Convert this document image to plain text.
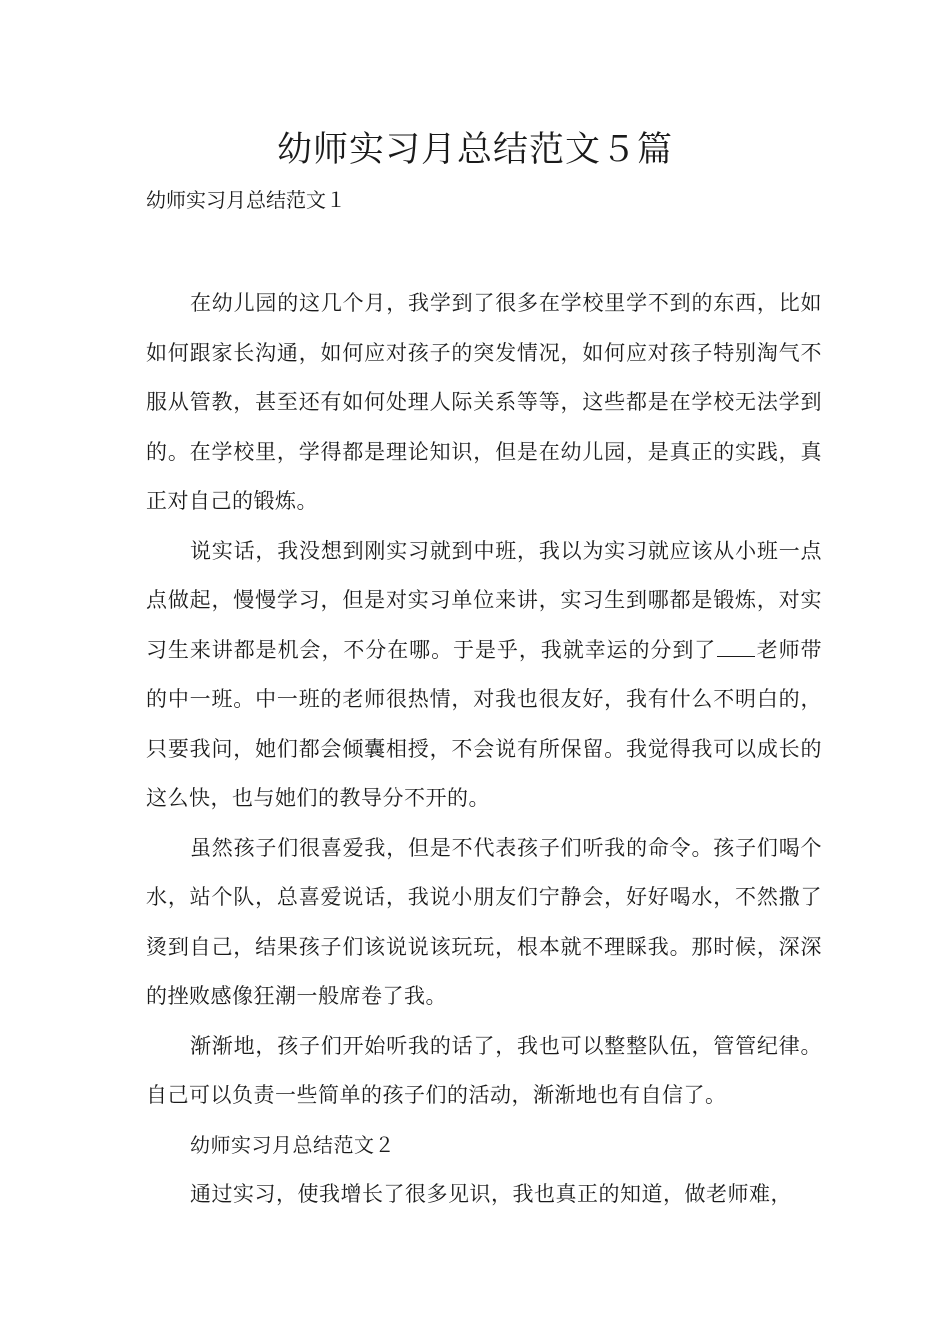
幼师实习月总结范文５篇

幼师实习月总结范文１

在幼儿园的这几个月，我学到了很多在学校里学不到的东西，比如如何跟家长沟通，如何应对孩子的突发情况，如何应对孩子特别淘气不服从管教，甚至还有如何处理人际关系等等，这些都是在学校无法学到的。在学校里，学得都是理论知识，但是在幼儿园，是真正的实践，真正对自己的锻炼。

说实话，我没想到刚实习就到中班，我以为实习就应该从小班一点点做起，慢慢学习，但是对实习单位来讲，实习生到哪都是锻炼，对实习生来讲都是机会，不分在哪。于是乎，我就幸运的分到了 老师带的中一班。中一班的老师很热情，对我也很友好，我有什么不明白的，只要我问，她们都会倾囊相授，不会说有所保留。我觉得我可以成长的这么快，也与她们的教导分不开的。

虽然孩子们很喜爱我，但是不代表孩子们听我的命令。孩子们喝个水，站个队，总喜爱说话，我说小朋友们宁静会，好好喝水，不然撒了烫到自己，结果孩子们该说说该玩玩，根本就不理睬我。那时候，深深的挫败感像狂潮一般席卷了我。

渐渐地，孩子们开始听我的话了，我也可以整整队伍，管管纪律。自己可以负责一些简单的孩子们的活动，渐渐地也有自信了。

幼师实习月总结范文２

通过实习，使我增长了很多见识，我也真正的知道，做老师难，
